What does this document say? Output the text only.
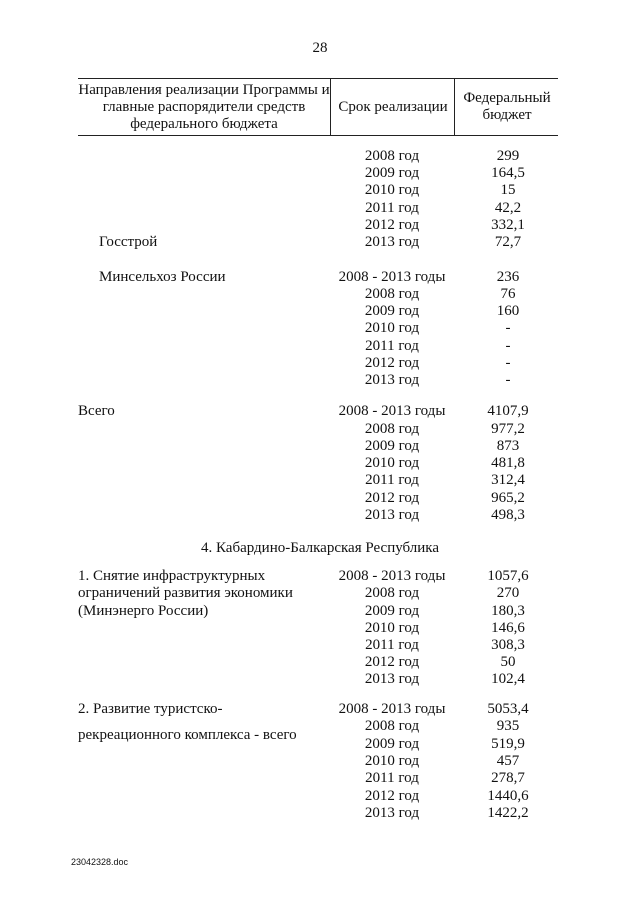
28
Направления реализации Программы и главные распорядители средств федерального бюджета
Срок реализации
Федеральный бюджет
2008 год	299
2009 год	164,5
2010 год	15
2011 год	42,2
2012 год	332,1
Госстрой	2013 год	72,7
Минсельхоз России	2008 - 2013 годы	236
2008 год	76
2009 год	160
2010 год	-
2011 год	-
2012 год	-
2013 год	-
Всего	2008 - 2013 годы	4107,9
2008 год	977,2
2009 год	873
2010 год	481,8
2011 год	312,4
2012 год	965,2
2013 год	498,3
1. Снятие инфраструктурных	2008 - 2013 годы	1057,6
ограничений развития экономики	2008 год	270
(Минэнерго России)	2009 год	180,3
2010 год	146,6
2011 год	308,3
2012 год	50
2013 год	102,4
2. Развитие туристско-	2008 - 2013 годы	5053,4
2008 год	935
рекреационного комплекса - всего
2009 год	519,9
2010 год	457
2011 год	278,7
2012 год	1440,6
2013 год	1422,2
4. Кабардино-Балкарская Республика
23042328.doc
